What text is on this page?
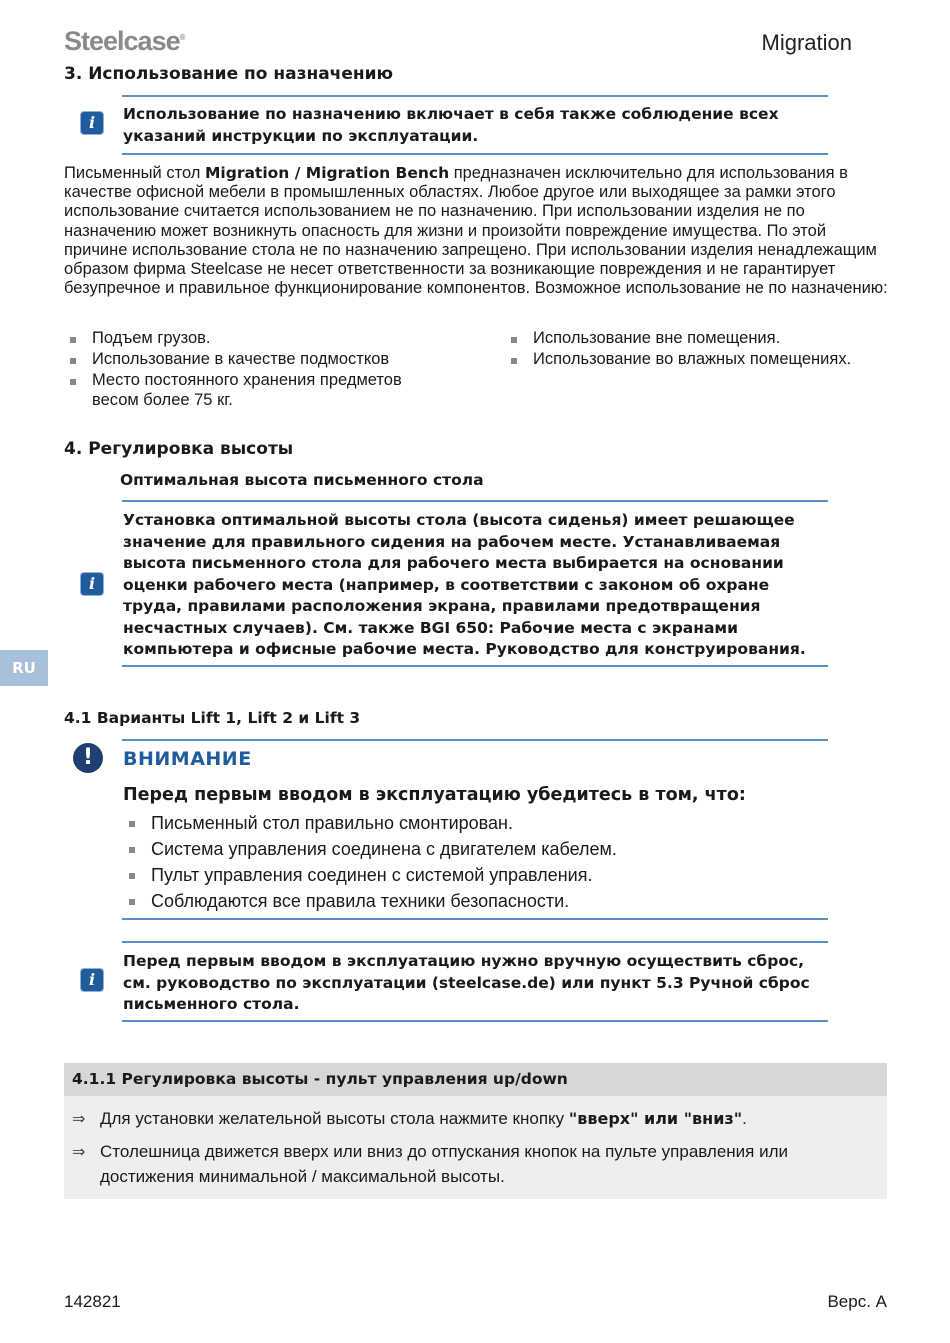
Steelcase®	Migration
3. Использование по назначению
i	Использование по назначению включает в себя также соблюдение всех указаний инструкции по эксплуатации.
Письменный стол Migration / Migration Bench предназначен исключительно для использования в качестве офисной мебели в промышленных областях. Любое другое или выходящее за рамки этого использование считается использованием не по назначению. При использовании изделия не по назначению может возникнуть опасность для жизни и произойти повреждение имущества. По этой причине использование стола не по назначению запрещено. При использовании изделия ненадлежащим образом фирма Steelcase не несет ответственности за возникающие повреждения и не гарантирует безупречное и правильное функционирование компонентов. Возможное использование не по назначению:
Подъем грузов.
Использование в качестве подмостков
Место постоянного хранения предметов весом более 75 кг.
Использование вне помещения.
Использование во влажных помещениях.
4. Регулировка высоты
Оптимальная высота письменного стола
i
Установка оптимальной высоты стола (высота сиденья) имеет решающее значение для правильного сидения на рабочем месте. Устанавливаемая высота письменного стола для рабочего места выбирается на основании оценки рабочего места (например, в соответствии с законом об охране труда, правилами расположения экрана, правилами предотвращения несчастных случаев). См. также BGI 650: Рабочие места с экранами компьютера и офисные рабочие места. Руководство для конструирования.
RU
4.1 Варианты Lift 1, Lift 2 и Lift 3
!	ВНИМАНИЕ
Перед первым вводом в эксплуатацию убедитесь в том, что:
Письменный стол правильно смонтирован.
Система управления соединена с двигателем кабелем.
Пульт управления соединен с системой управления.
Соблюдаются все правила техники безопасности.
i
Перед первым вводом в эксплуатацию нужно вручную осуществить сброс, см. руководство по эксплуатации (steelcase.de) или пункт 5.3 Ручной сброс письменного стола.
4.1.1 Регулировка высоты - пульт управления up/down
⇒ Для установки желательной высоты стола нажмите кнопку "вверх" или "вниз".
⇒ Столешница движется вверх или вниз до отпускания кнопок на пульте управления или достижения минимальной / максимальной высоты.
142821	Верс. A
